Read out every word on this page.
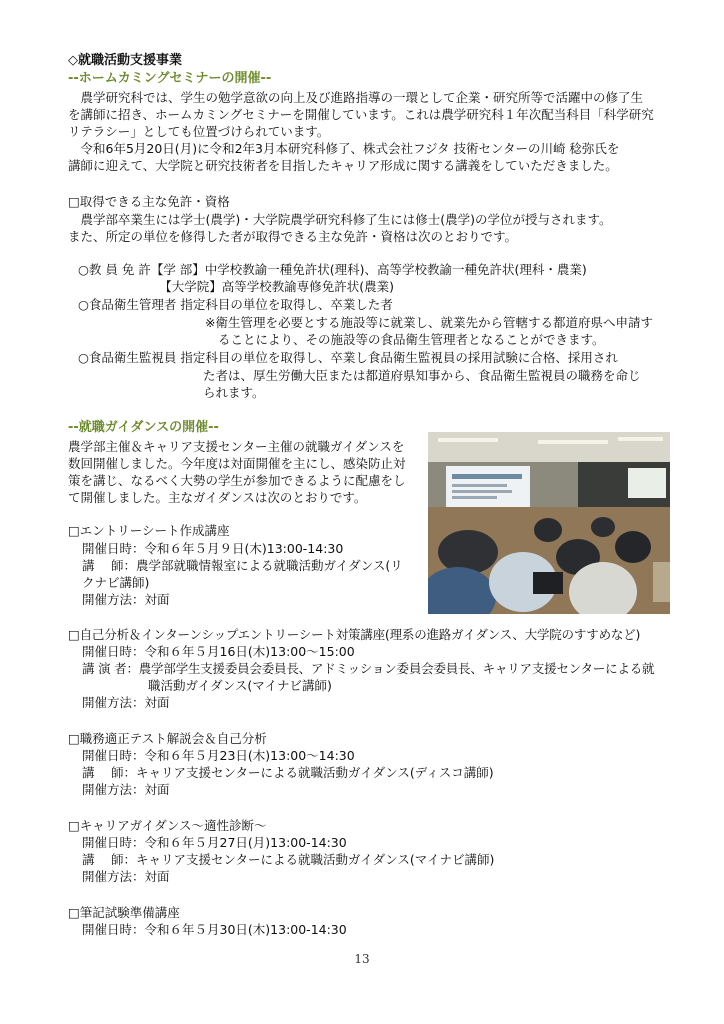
◇就職活動支援事業
--ホームカミングセミナーの開催--
　農学研究科では、学生の勉学意欲の向上及び進路指導の一環として企業・研究所等で活躍中の修了生
を講師に招き、ホームカミングセミナーを開催しています。これは農学研究科１年次配当科目「科学研究
リテラシー」としても位置づけられています。
　令和6年5月20日(月)に令和2年3月本研究科修了、株式会社フジタ 技術センターの川崎 稔弥氏を
講師に迎えて、大学院と研究技術者を目指したキャリア形成に関する講義をしていただきました。
□取得できる主な免許・資格
　農学部卒業生には学士(農学)・大学院農学研究科修了生には修士(農学)の学位が授与されます。
また、所定の単位を修得した者が取得できる主な免許・資格は次のとおりです。
○教 員 免 許【学 部】中学校教諭一種免許状(理科)、高等学校教諭一種免許状(理科・農業)
　　　　　　　【大学院】高等学校教諭専修免許状(農業)
○食品衛生管理者 指定科目の単位を取得し、卒業した者
※衛生管理を必要とする施設等に就業し、就業先から管轄する都道府県へ申請す
ることにより、その施設等の食品衛生管理者となることができます。
○食品衛生監視員 指定科目の単位を取得し、卒業し食品衛生監視員の採用試験に合格、採用され
た者は、厚生労働大臣または都道府県知事から、食品衛生監視員の職務を命じ
られます。
--就職ガイダンスの開催--
農学部主催＆キャリア支援センター主催の就職ガイダンスを
数回開催しました。今年度は対面開催を主にし、感染防止対
策を講じ、なるべく大勢の学生が参加できるように配慮をし
て開催しました。主なガイダンスは次のとおりです。
□エントリーシート作成講座
開催日時：令和６年５月９日(木)13:00-14:30
講　 師：農学部就職情報室による就職活動ガイダンス(リ
クナビ講師)
開催方法：対面
□自己分析＆インターンシップエントリーシート対策講座(理系の進路ガイダンス、大学院のすすめなど)
開催日時：令和６年５月16日(木)13:00～15:00
講 演 者：農学部学生支援委員会委員長、アドミッション委員会委員長、キャリア支援センターによる就
職活動ガイダンス(マイナビ講師)
開催方法：対面
□職務適正テスト解説会＆自己分析
開催日時：令和６年５月23日(木)13:00～14:30
講　 師：キャリア支援センターによる就職活動ガイダンス(ディスコ講師)
開催方法：対面
□キャリアガイダンス～適性診断～
開催日時：令和６年５月27日(月)13:00-14:30
講　 師：キャリア支援センターによる就職活動ガイダンス(マイナビ講師)
開催方法：対面
□筆記試験準備講座
開催日時：令和６年５月30日(木)13:00-14:30
13
